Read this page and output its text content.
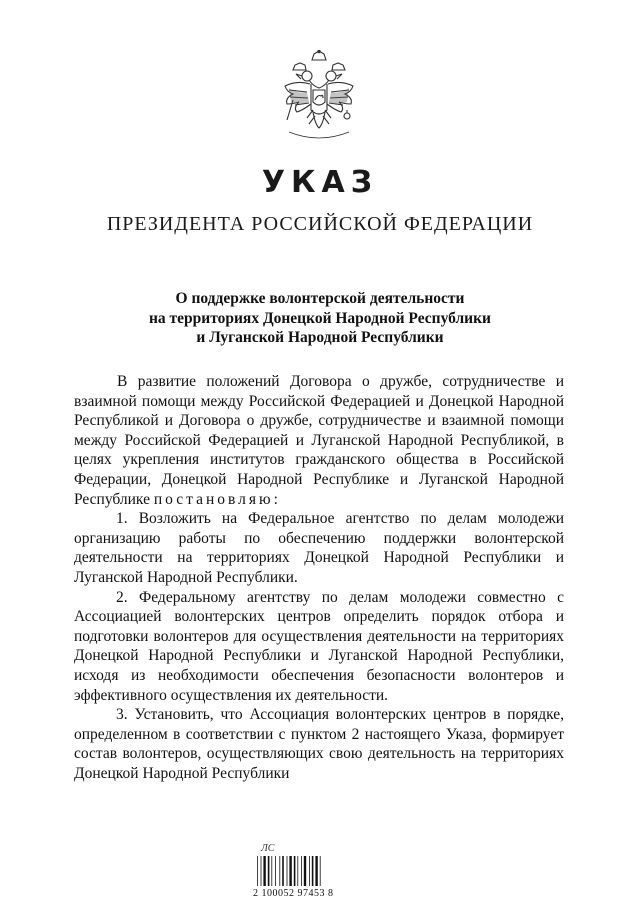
УКАЗ
ПРЕЗИДЕНТА РОССИЙСКОЙ ФЕДЕРАЦИИ
О поддержке волонтерской деятельности
на территориях Донецкой Народной Республики
и Луганской Народной Республики

В развитие положений Договора о дружбе, сотрудничестве и взаимной помощи между Российской Федерацией и Донецкой Народной Республикой и Договора о дружбе, сотрудничестве и взаимной помощи между Российской Федерацией и Луганской Народной Республикой, в целях укрепления институтов гражданского общества в Российской Федерации, Донецкой Народной Республике и Луганской Народной Республике постановляю:

1. Возложить на Федеральное агентство по делам молодежи организацию работы по обеспечению поддержки волонтерской деятельности на территориях Донецкой Народной Республики и Луганской Народной Республики.

2. Федеральному агентству по делам молодежи совместно с Ассоциацией волонтерских центров определить порядок отбора и подготовки волонтеров для осуществления деятельности на территориях Донецкой Народной Республики и Луганской Народной Республики, исходя из необходимости обеспечения безопасности волонтеров и эффективного осуществления их деятельности.

3. Установить, что Ассоциация волонтерских центров в порядке, определенном в соответствии с пунктом 2 настоящего Указа, формирует состав волонтеров, осуществляющих свою деятельность на территориях Донецкой Народной Республики

ЛС
2 100052 97453 8
